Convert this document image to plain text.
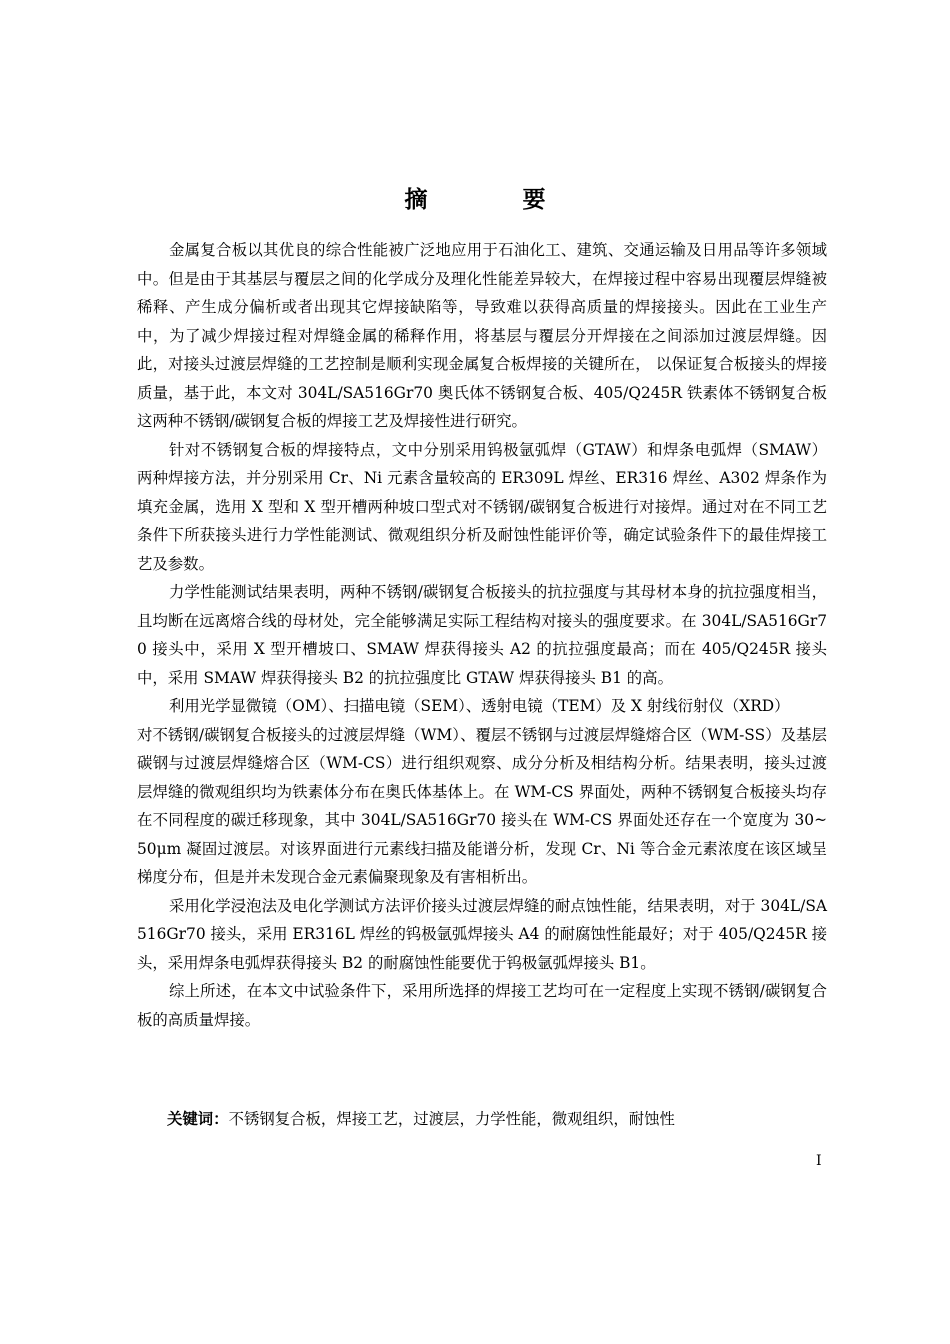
摘　要

金属复合板以其优良的综合性能被广泛地应用于石油化工、建筑、交通运输及日用品等许多领域中。但是由于其基层与覆层之间的化学成分及理化性能差异较大，在焊接过程中容易出现覆层焊缝被稀释、产生成分偏析或者出现其它焊接缺陷等，导致难以获得高质量的焊接接头。因此在工业生产中，为了减少焊接过程对焊缝金属的稀释作用，将基层与覆层分开焊接在之间添加过渡层焊缝。因此，对接头过渡层焊缝的工艺控制是顺利实现金属复合板焊接的关键所在， 以保证复合板接头的焊接质量，基于此，本文对 304L/SA516Gr70 奥氏体不锈钢复合板、405/Q245R 铁素体不锈钢复合板这两种不锈钢/碳钢复合板的焊接工艺及焊接性进行研究。

针对不锈钢复合板的焊接特点，文中分别采用钨极氩弧焊（GTAW）和焊条电弧焊（SMAW） 两种焊接方法，并分别采用 Cr、Ni 元素含量较高的 ER309L 焊丝、ER316 焊丝、A302 焊条作为填充金属，选用 X 型和 X 型开槽两种坡口型式对不锈钢/碳钢复合板进行对接焊。通过对在不同工艺条件下所获接头进行力学性能测试、微观组织分析及耐蚀性能评价等，确定试验条件下的最佳焊接工艺及参数。

力学性能测试结果表明，两种不锈钢/碳钢复合板接头的抗拉强度与其母材本身的抗拉强度相当，且均断在远离熔合线的母材处，完全能够满足实际工程结构对接头的强度要求。在 304L/SA516Gr70 接头中，采用 X 型开槽坡口、SMAW 焊获得接头 A2 的抗拉强度最高；而在 405/Q245R 接头中，采用 SMAW 焊获得接头 B2 的抗拉强度比 GTAW 焊获得接头 B1 的高。

利用光学显微镜（OM）、扫描电镜（SEM）、透射电镜（TEM）及 X 射线衍射仪（XRD）

对不锈钢/碳钢复合板接头的过渡层焊缝（WM）、覆层不锈钢与过渡层焊缝熔合区（WM-SS）及基层碳钢与过渡层焊缝熔合区（WM-CS）进行组织观察、成分分析及相结构分析。结果表明，接头过渡层焊缝的微观组织均为铁素体分布在奥氏体基体上。在 WM-CS 界面处，两种不锈钢复合板接头均存在不同程度的碳迁移现象，其中 304L/SA516Gr70 接头在 WM-CS 界面处还存在一个宽度为 30~50μm 凝固过渡层。对该界面进行元素线扫描及能谱分析，发现 Cr、Ni 等合金元素浓度在该区域呈梯度分布，但是并未发现合金元素偏聚现象及有害相析出。

采用化学浸泡法及电化学测试方法评价接头过渡层焊缝的耐点蚀性能，结果表明，对于 304L/SA516Gr70 接头，采用 ER316L 焊丝的钨极氩弧焊接头 A4 的耐腐蚀性能最好；对于 405/Q245R 接头，采用焊条电弧焊获得接头 B2 的耐腐蚀性能要优于钨极氩弧焊接头 B1。

综上所述，在本文中试验条件下，采用所选择的焊接工艺均可在一定程度上实现不锈钢/碳钢复合板的高质量焊接。

关键词：不锈钢复合板，焊接工艺，过渡层，力学性能，微观组织，耐蚀性
I
